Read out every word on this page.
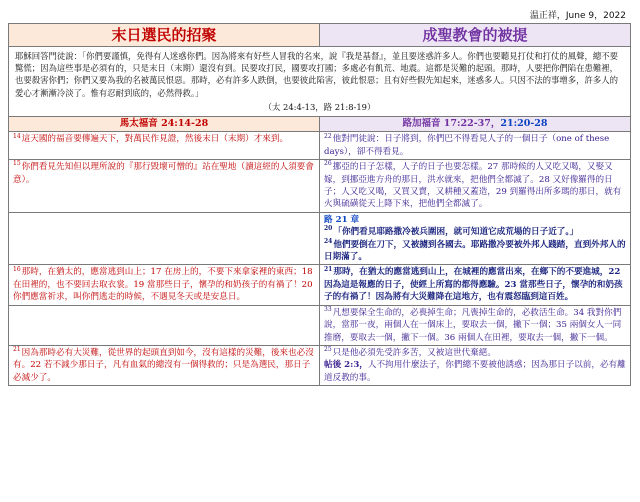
温正祥，June 9，2022
末日選民的招聚	成聖教會的被提

耶穌回答門徒說：「你們要謹慎，免得有人迷惑你們。因為將來有好些人冒我的名來，說『我是基督』，並且要迷惑許多人。你們也要聽見打仗和打仗的風聲，總不要驚慌；因為這些事是必須有的，只是末日（末期）還沒有到。民要攻打民，國要攻打國；多處必有飢荒、地震。這都是災難的起頭。那時，人要把你們陷在患難裡，也要殺害你們；你們又要為我的名被萬民恨惡。那時，必有許多人跌倒，也要彼此陷害，彼此恨惡；且有好些假先知起來，迷惑多人。只因不法的事增多，許多人的愛心才漸漸冷淡了。惟有忍耐到底的，必然得救。」
（太 24:4-13，路 21:8-19）	

馬太福音 24:14-28	路加福音 17:22-37，21:20-28
$^{14}$這天國的福音要傳遍天下，對萬民作見證，然後末日（末期）才來到。	$^{22}$他對門徒說：日子將到，你們巴不得看見人子的一個日子（one of these days），卻不得看見。
$^{15}$你們看見先知但以理所說的『那行毀壞可憎的』站在聖地（讀這經的人須要會意）。	$^{26}$挪亞的日子怎樣，人子的日子也要怎樣。27 那時候的人又吃又喝，又娶又嫁，到挪亞進方舟的那日，洪水就來，把他們全都滅了。28 又好像羅得的日子；人又吃又喝，又買又賣，又耕種又蓋造，29 到羅得出所多瑪的那日，就有火與硫磺從天上降下來，把他們全都滅了。

	路 21 章
$^{20}$「你們看見耶路撒冷被兵圍困，就可知道它成荒場的日子近了。」
$^{24}$他們要倒在刀下，又被擄到各國去。耶路撒冷要被外邦人踐踏，直到外邦人的日期滿了。

$^{16}$那時，在猶太的，應當逃到山上；17 在房上的，不要下來拿家裡的東西；18 在田裡的，也不要回去取衣裳。19 當那些日子，懷孕的和奶孩子的有禍了！20 你們應當祈求，叫你們逃走的時候，不遇見冬天或是安息日。	$^{21}$那時，在猶太的應當逃到山上，在城裡的應當出來，在鄉下的不要進城，22 因為這是報應的日子，使經上所寫的都得應驗。23 當那些日子，懷孕的和奶孩子的有禍了！因為將有大災難降在這地方，也有震怒臨到這百姓。
	$^{33}$凡想要保全生命的，必喪掉生命；凡喪掉生命的，必救活生命。34 我對你們說，當那一夜，兩個人在一個床上，要取去一個，撇下一個；35 兩個女人一同推磨，要取去一個，撇下一個。36 兩個人在田裡，要取去一個，撇下一個。
$^{21}$因為那時必有大災難，從世界的起頭直到如今，沒有這樣的災難，後來也必沒有。22 若不減少那日子，凡有血氣的總沒有一個得救的；只是為選民，那日子必減少了。	$^{25}$只是他必須先受許多苦，又被這世代棄絕。
帖後 2:3，人不拘用什麼法子，你們總不要被他誘惑；因為那日子以前，必有離道反教的事。
